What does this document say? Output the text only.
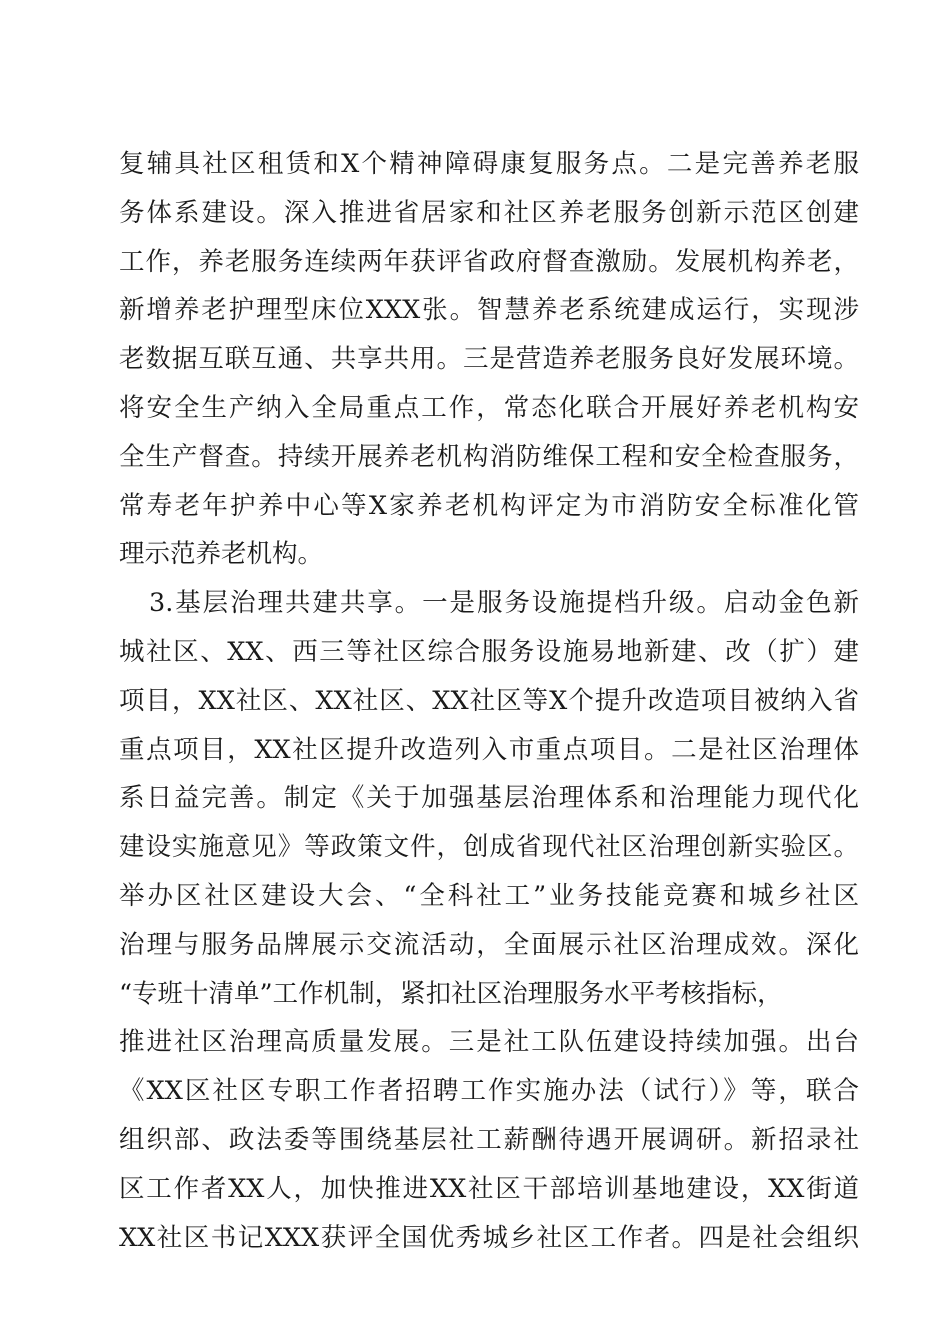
复辅具社区租赁和X个精神障碍康复服务点。二是完善养老服
务体系建设。深入推进省居家和社区养老服务创新示范区创建
工作，养老服务连续两年获评省政府督查激励。发展机构养老，
新增养老护理型床位XXX张。智慧养老系统建成运行，实现涉
老数据互联互通、共享共用。三是营造养老服务良好发展环境。
将安全生产纳入全局重点工作，常态化联合开展好养老机构安
全生产督查。持续开展养老机构消防维保工程和安全检查服务，
常寿老年护养中心等X家养老机构评定为市消防安全标准化管
理示范养老机构。
3.基层治理共建共享。一是服务设施提档升级。启动金色新
城社区、XX、西三等社区综合服务设施易地新建、改（扩）建
项目，XX社区、XX社区、XX社区等X个提升改造项目被纳入省
重点项目，XX社区提升改造列入市重点项目。二是社区治理体
系日益完善。制定《关于加强基层治理体系和治理能力现代化
建设实施意见》等政策文件，创成省现代社区治理创新实验区。
举办区社区建设大会、“全科社工”业务技能竞赛和城乡社区
治理与服务品牌展示交流活动，全面展示社区治理成效。深化
“专班十清单”工作机制，紧扣社区治理服务水平考核指标，
推进社区治理高质量发展。三是社工队伍建设持续加强。出台
《XX区社区专职工作者招聘工作实施办法（试行）》等，联合
组织部、政法委等围绕基层社工薪酬待遇开展调研。新招录社
区工作者XX人，加快推进XX社区干部培训基地建设，XX街道
XX社区书记XXX获评全国优秀城乡社区工作者。四是社会组织
